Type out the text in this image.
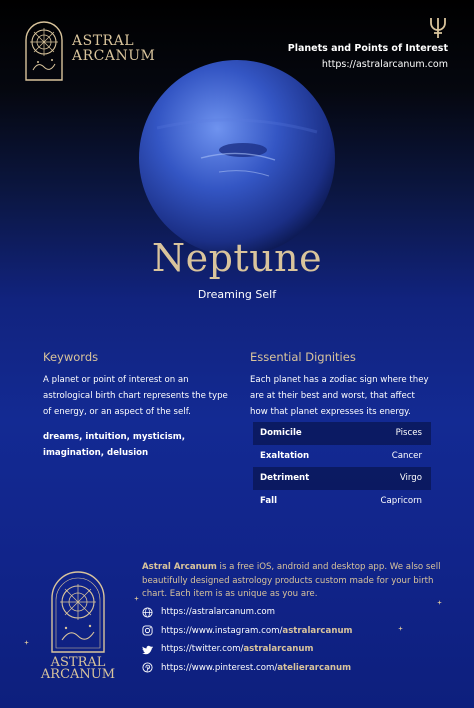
ASTRAL
ARCANUM	Planets and Points of Interest
https://astralarcanum.com
Neptune
Dreaming Self
Keywords
A planet or point of interest on an astrological birth chart represents the type of energy, or an aspect of the self.
dreams, intuition, mysticism, imagination, delusion
Essential Dignities
Each planet has a zodiac sign where they are at their best and worst, that affect how that planet expresses its energy.
Domicile	Pisces
Exaltation	Cancer
Detriment	Virgo
Fall	Capricorn
ASTRAL
ARCANUM
Astral Arcanum is a free iOS, android and desktop app. We also sell beautifully designed astrology products custom made for your birth chart. Each item is as unique as you are.
https://astralarcanum.com
https://www.instagram.com/astralarcanum
https://twitter.com/astralarcanum
https://www.pinterest.com/atelierarcanum
